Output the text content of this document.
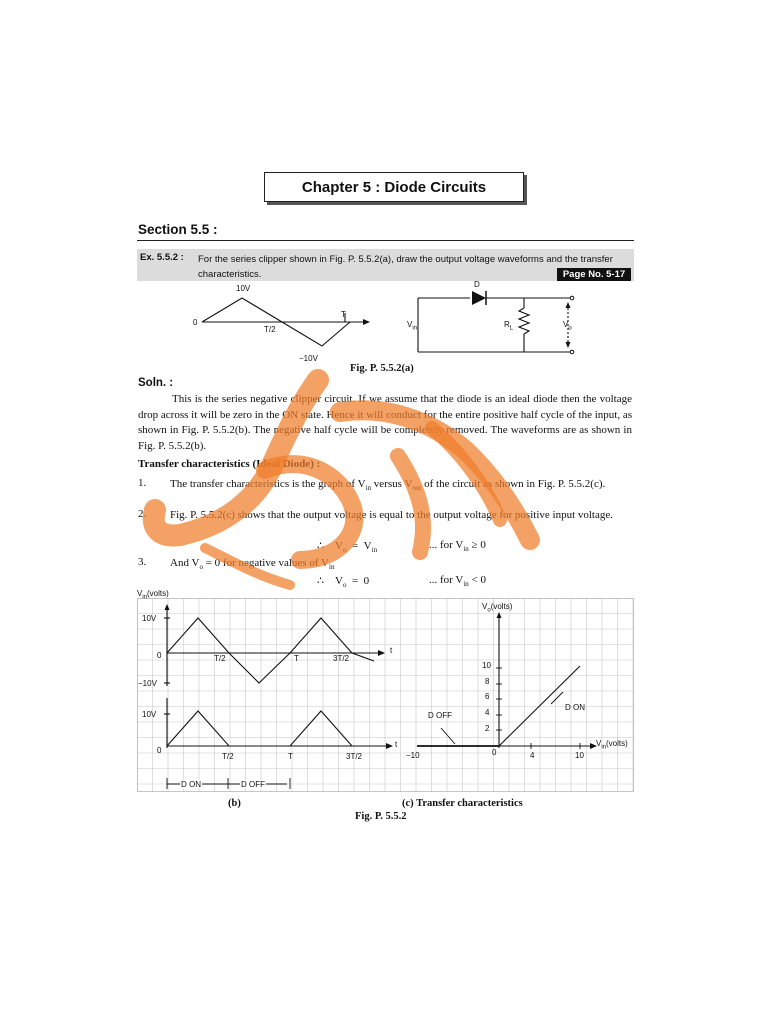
Chapter 5 : Diode Circuits
Section 5.5 :
Ex. 5.5.2 : For the series clipper shown in Fig. P. 5.5.2(a), draw the output voltage waveforms and the transfer characteristics.	Page No. 5-17
10V
0
T/2
T
−10V
D
$V_{in}$	$R_L$	$V_o$
Fig. P. 5.5.2(a)
Soln. :
This is the series negative clipper circuit. If we assume that the diode is an ideal diode then the voltage drop across it will be zero in the ON state. Hence it will conduct for the entire positive half cycle of the input, as shown in Fig. P. 5.5.2(b). The negative half cycle will be completely removed. The waveforms are as shown in Fig. P. 5.5.2(b).
Transfer characteristics (Ideal Diode) :
1. The transfer characteristics is the graph of $V_{in}$ versus $V_{out}$ of the circuit as shown in Fig. P. 5.5.2(c).
2. Fig. P. 5.5.2(c) shows that the output voltage is equal to the output voltage for positive input voltage.
∴ $V_o = V_{in}$	... for $V_{in} \ge 0$
3. And $V_o = 0$ for negative values of $V_{in}$
∴ $V_o = 0$	... for $V_{in} < 0$
$V_{in}(volts)$
10V
0
−10V
T/2	T	3T/2
t
10V
0
T/2	T	3T/2
t
D ON	D OFF
(b)
$V_o(volts)$
$V_{in}(volts)$
10
8
6
4
2
−10	0	4	10
D OFF
D ON
(c) Transfer characteristics
Fig. P. 5.5.2
